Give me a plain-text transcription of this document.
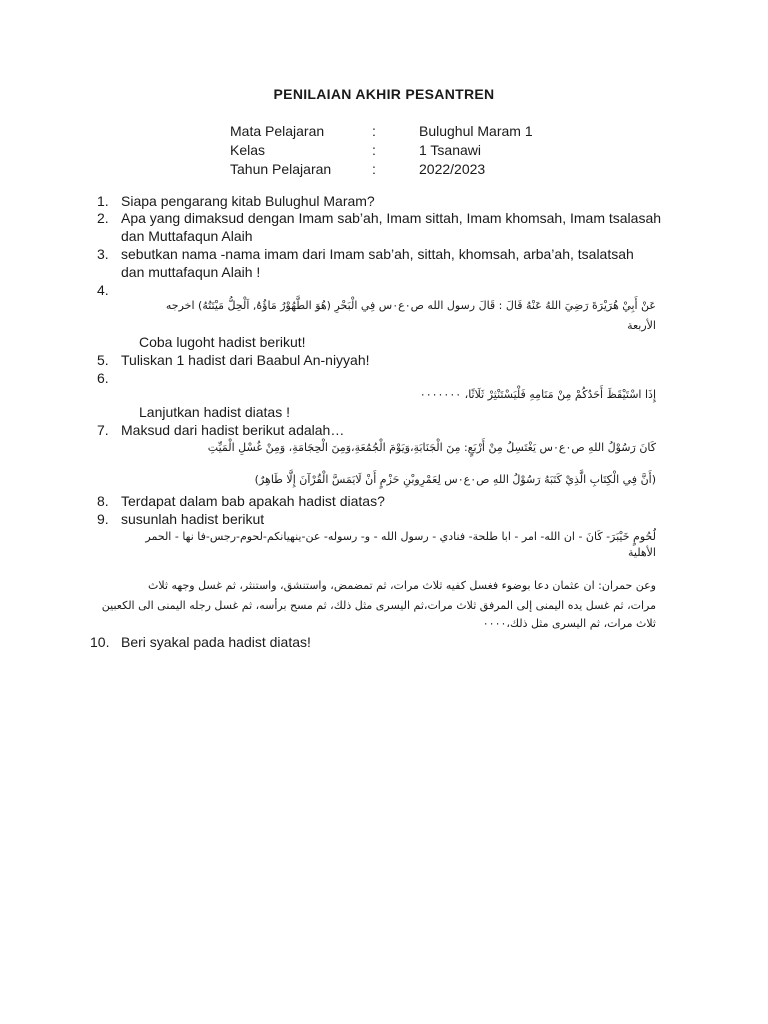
PENILAIAN AKHIR PESANTREN
Mata Pelajaran	:	Bulughul Maram 1
Kelas	:	1 Tsanawi
Tahun Pelajaran	:	2022/2023
1. Siapa pengarang kitab Bulughul Maram?
2. Apa yang dimaksud dengan Imam sab’ah, Imam sittah, Imam khomsah, Imam tsalasah
dan Muttafaqun Alaih
3. sebutkan nama -nama imam dari Imam sab’ah, sittah, khomsah, arba’ah, tsalatsah
dan muttafaqun Alaih !
4.
عَنْ أَبِيْ هُرَيْرَةَ رَضِيَ اللهُ عَنْهُ قَالَ : قَالَ رسول الله ص٠ع٠س فِي الْبَحْرِ (هُوَ الطَّهُوْرُ مَاؤُهُ, اَلْحِلُّ مَيْتَتُهُ) اخرجه
الأربعة
Coba lugoht hadist berikut!
5. Tuliskan 1 hadist dari Baabul An-niyyah!
6.
إِذَا اسْتَيْقَظَ أَحَدُكُمْ مِنْ مَنَامِهِ فَلْيَسْتَنْثِرْ ثَلَاثًا، ٠٠٠٠٠٠٠
Lanjutkan hadist diatas !
7. Maksud dari hadist berikut adalah…
كَانَ رَسُوْلُ اللهِ ص٠ع٠س يَغْتَسِلُ مِنْ أَرْبَعٍ: مِنَ الْجَنَابَةِ،وَيَوْمَ الْجُمُعَةِ،وَمِنَ الْحِجَامَةِ، وَمِنْ غُسْلِ الْمَيِّتِ
(أَنَّ فِي الْكِتَابِ الَّذِيْ كَتَبَهُ رَسُوْلُ اللهِ ص٠ع٠س لِعَمْرِوبْنِ حَزْمٍ أَنْ لَايَمَسَّ الْقُرْآنَ إِلَّا طَاهِرٌ)
8. Terdapat dalam bab apakah hadist diatas?
9. susunlah hadist berikut
لُحُومٍ خَيْبَرَ- كَانَ - ان الله- امر - ابا طلحة- فنادي - رسول الله - و- رسوله- عن-ينهيانكم-لحوم-رجس-فا نها - الحمر
الأهلية
وعن حمران: ان عثمان دعا بوضوء فغسل كفيه ثلاث مرات، ثم تمضمض، واستنشق، واستنثر، ثم غسل وجهه ثلاث
مرات، ثم غسل يده اليمنى إلى المرفق ثلاث مرات،ثم اليسرى مثل ذلك، ثم مسح برأسه، ثم غسل رجله اليمنى الى الكعبين
ثلاث مرات، ثم اليسرى مثل ذلك،٠٠٠٠
10. Beri syakal pada hadist diatas!
